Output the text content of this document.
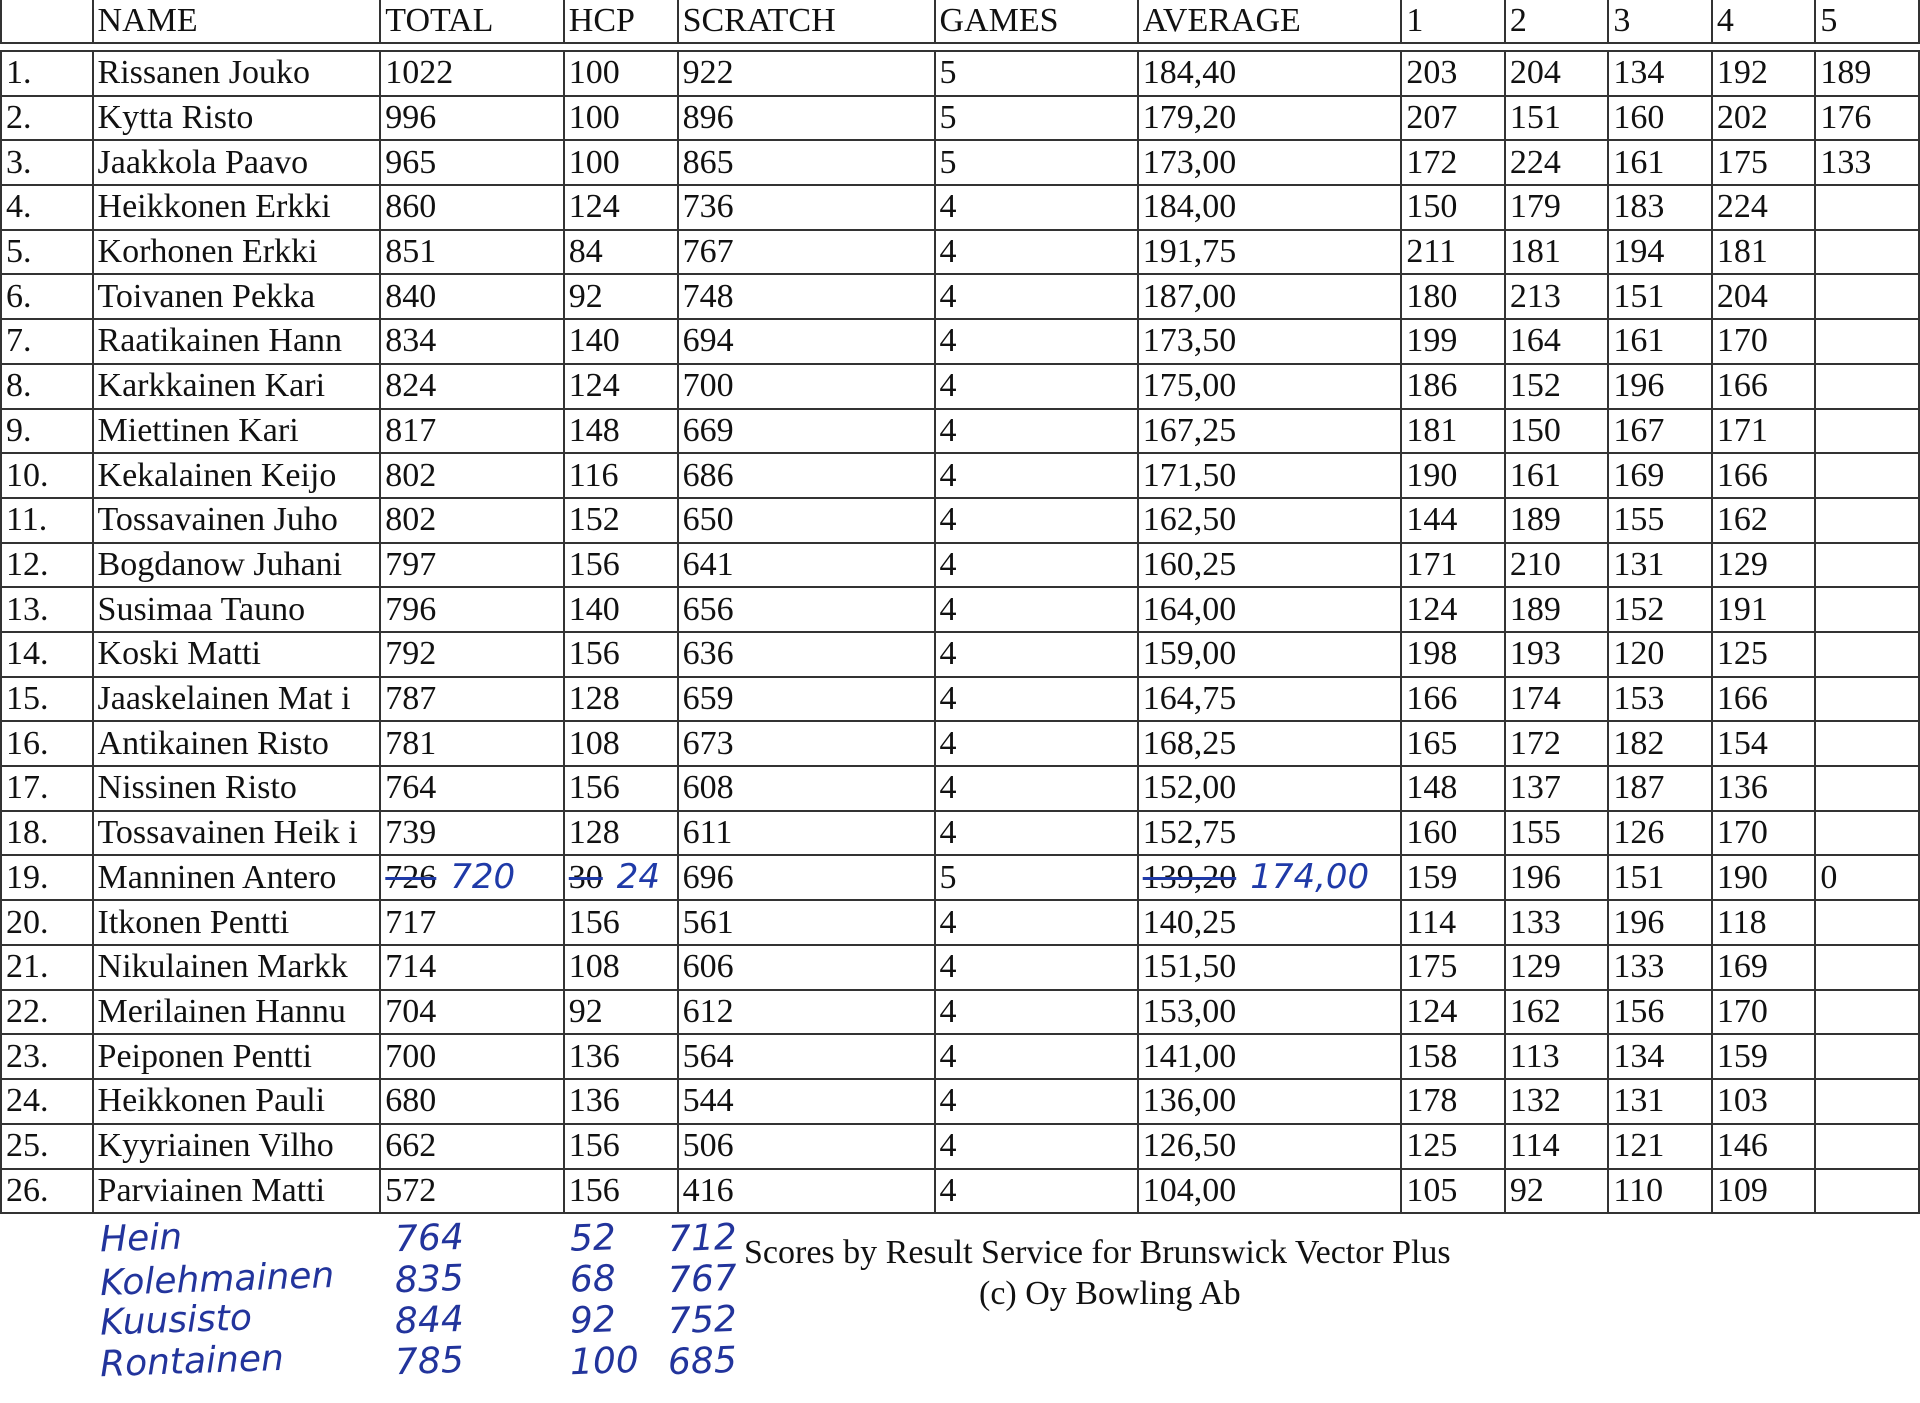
	NAME	TOTAL	HCP	SCRATCH	GAMES	AVERAGE	1	2	3	4	5

1.	Rissanen Jouko	1022	100	922	5	184,40	203	204	134	192	189
2.	Kytta Risto	996	100	896	5	179,20	207	151	160	202	176
3.	Jaakkola Paavo	965	100	865	5	173,00	172	224	161	175	133
4.	Heikkonen Erkki	860	124	736	4	184,00	150	179	183	224	
5.	Korhonen Erkki	851	84	767	4	191,75	211	181	194	181	
6.	Toivanen Pekka	840	92	748	4	187,00	180	213	151	204	
7.	Raatikainen Hann	834	140	694	4	173,50	199	164	161	170	
8.	Karkkainen Kari	824	124	700	4	175,00	186	152	196	166	
9.	Miettinen Kari	817	148	669	4	167,25	181	150	167	171	
10.	Kekalainen Keijo	802	116	686	4	171,50	190	161	169	166	
11.	Tossavainen Juho	802	152	650	4	162,50	144	189	155	162	
12.	Bogdanow Juhani	797	156	641	4	160,25	171	210	131	129	
13.	Susimaa Tauno	796	140	656	4	164,00	124	189	152	191	
14.	Koski Matti	792	156	636	4	159,00	198	193	120	125	
15.	Jaaskelainen Mat i	787	128	659	4	164,75	166	174	153	166	
16.	Antikainen Risto	781	108	673	4	168,25	165	172	182	154	
17.	Nissinen Risto	764	156	608	4	152,00	148	137	187	136	
18.	Tossavainen Heik i	739	128	611	4	152,75	160	155	126	170	
19.	Manninen Antero	726 720	30 24	696	5	139,20 174,00	159	196	151	190	0
20.	Itkonen Pentti	717	156	561	4	140,25	114	133	196	118	
21.	Nikulainen Markk	714	108	606	4	151,50	175	129	133	169	
22.	Merilainen Hannu	704	92	612	4	153,00	124	162	156	170	
23.	Peiponen Pentti	700	136	564	4	141,00	158	113	134	159	
24.	Heikkonen Pauli	680	136	544	4	136,00	178	132	131	103	
25.	Kyyriainen Vilho	662	156	506	4	126,50	125	114	121	146	
26.	Parviainen Matti	572	156	416	4	104,00	105	92	110	109	
Scores by Result Service for Brunswick Vector Plus
(c) Oy Bowling Ab
Hein	764	52 712
Kolehmainen 835	68 767
Kuusisto	844	92 752
Rontainen	785	100 685
